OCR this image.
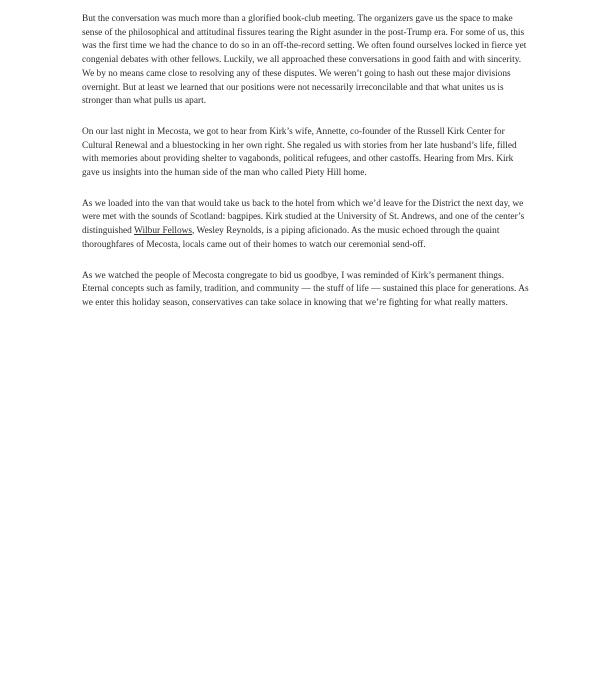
But the conversation was much more than a glorified book-club meeting. The organizers gave us the space to make sense of the philosophical and attitudinal fissures tearing the Right asunder in the post-Trump era. For some of us, this was the first time we had the chance to do so in an off-the-record setting. We often found ourselves locked in fierce yet congenial debates with other fellows. Luckily, we all approached these conversations in good faith and with sincerity. We by no means came close to resolving any of these disputes. We weren’t going to hash out these major divisions overnight. But at least we learned that our positions were not necessarily irreconcilable and that what unites us is stronger than what pulls us apart.

On our last night in Mecosta, we got to hear from Kirk’s wife, Annette, co-founder of the Russell Kirk Center for Cultural Renewal and a bluestocking in her own right. She regaled us with stories from her late husband’s life, filled with memories about providing shelter to vagabonds, political refugees, and other castoffs. Hearing from Mrs. Kirk gave us insights into the human side of the man who called Piety Hill home.

As we loaded into the van that would take us back to the hotel from which we’d leave for the District the next day, we were met with the sounds of Scotland: bagpipes. Kirk studied at the University of St. Andrews, and one of the center’s distinguished Wilbur Fellows, Wesley Reynolds, is a piping aficionado. As the music echoed through the quaint thoroughfares of Mecosta, locals came out of their homes to watch our ceremonial send-off.

As we watched the people of Mecosta congregate to bid us goodbye, I was reminded of Kirk’s permanent things. Eternal concepts such as family, tradition, and community — the stuff of life — sustained this place for generations. As we enter this holiday season, conservatives can take solace in knowing that we’re fighting for what really matters.
